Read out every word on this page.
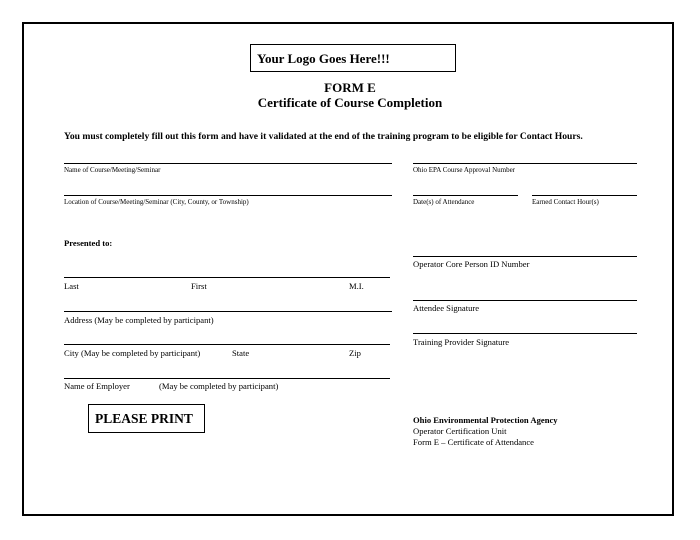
Your Logo Goes Here!!!
FORM E
Certificate of Course Completion
You must completely fill out this form and have it validated at the end of the training program to be eligible for Contact Hours.
Name of Course/Meeting/Seminar	Ohio EPA Course Approval Number
Location of Course/Meeting/Seminar (City, County, or Township)	Date(s) of Attendance	Earned Contact Hour(s)
Presented to:
Last	First	M.I.
Address (May be completed by participant)
City (May be completed by participant)	State	Zip
Name of Employer	(May be completed by participant)
Operator Core Person ID Number
Attendee Signature
Training Provider Signature
PLEASE PRINT	Ohio Environmental Protection Agency
Operator Certification Unit
Form E – Certificate of Attendance
